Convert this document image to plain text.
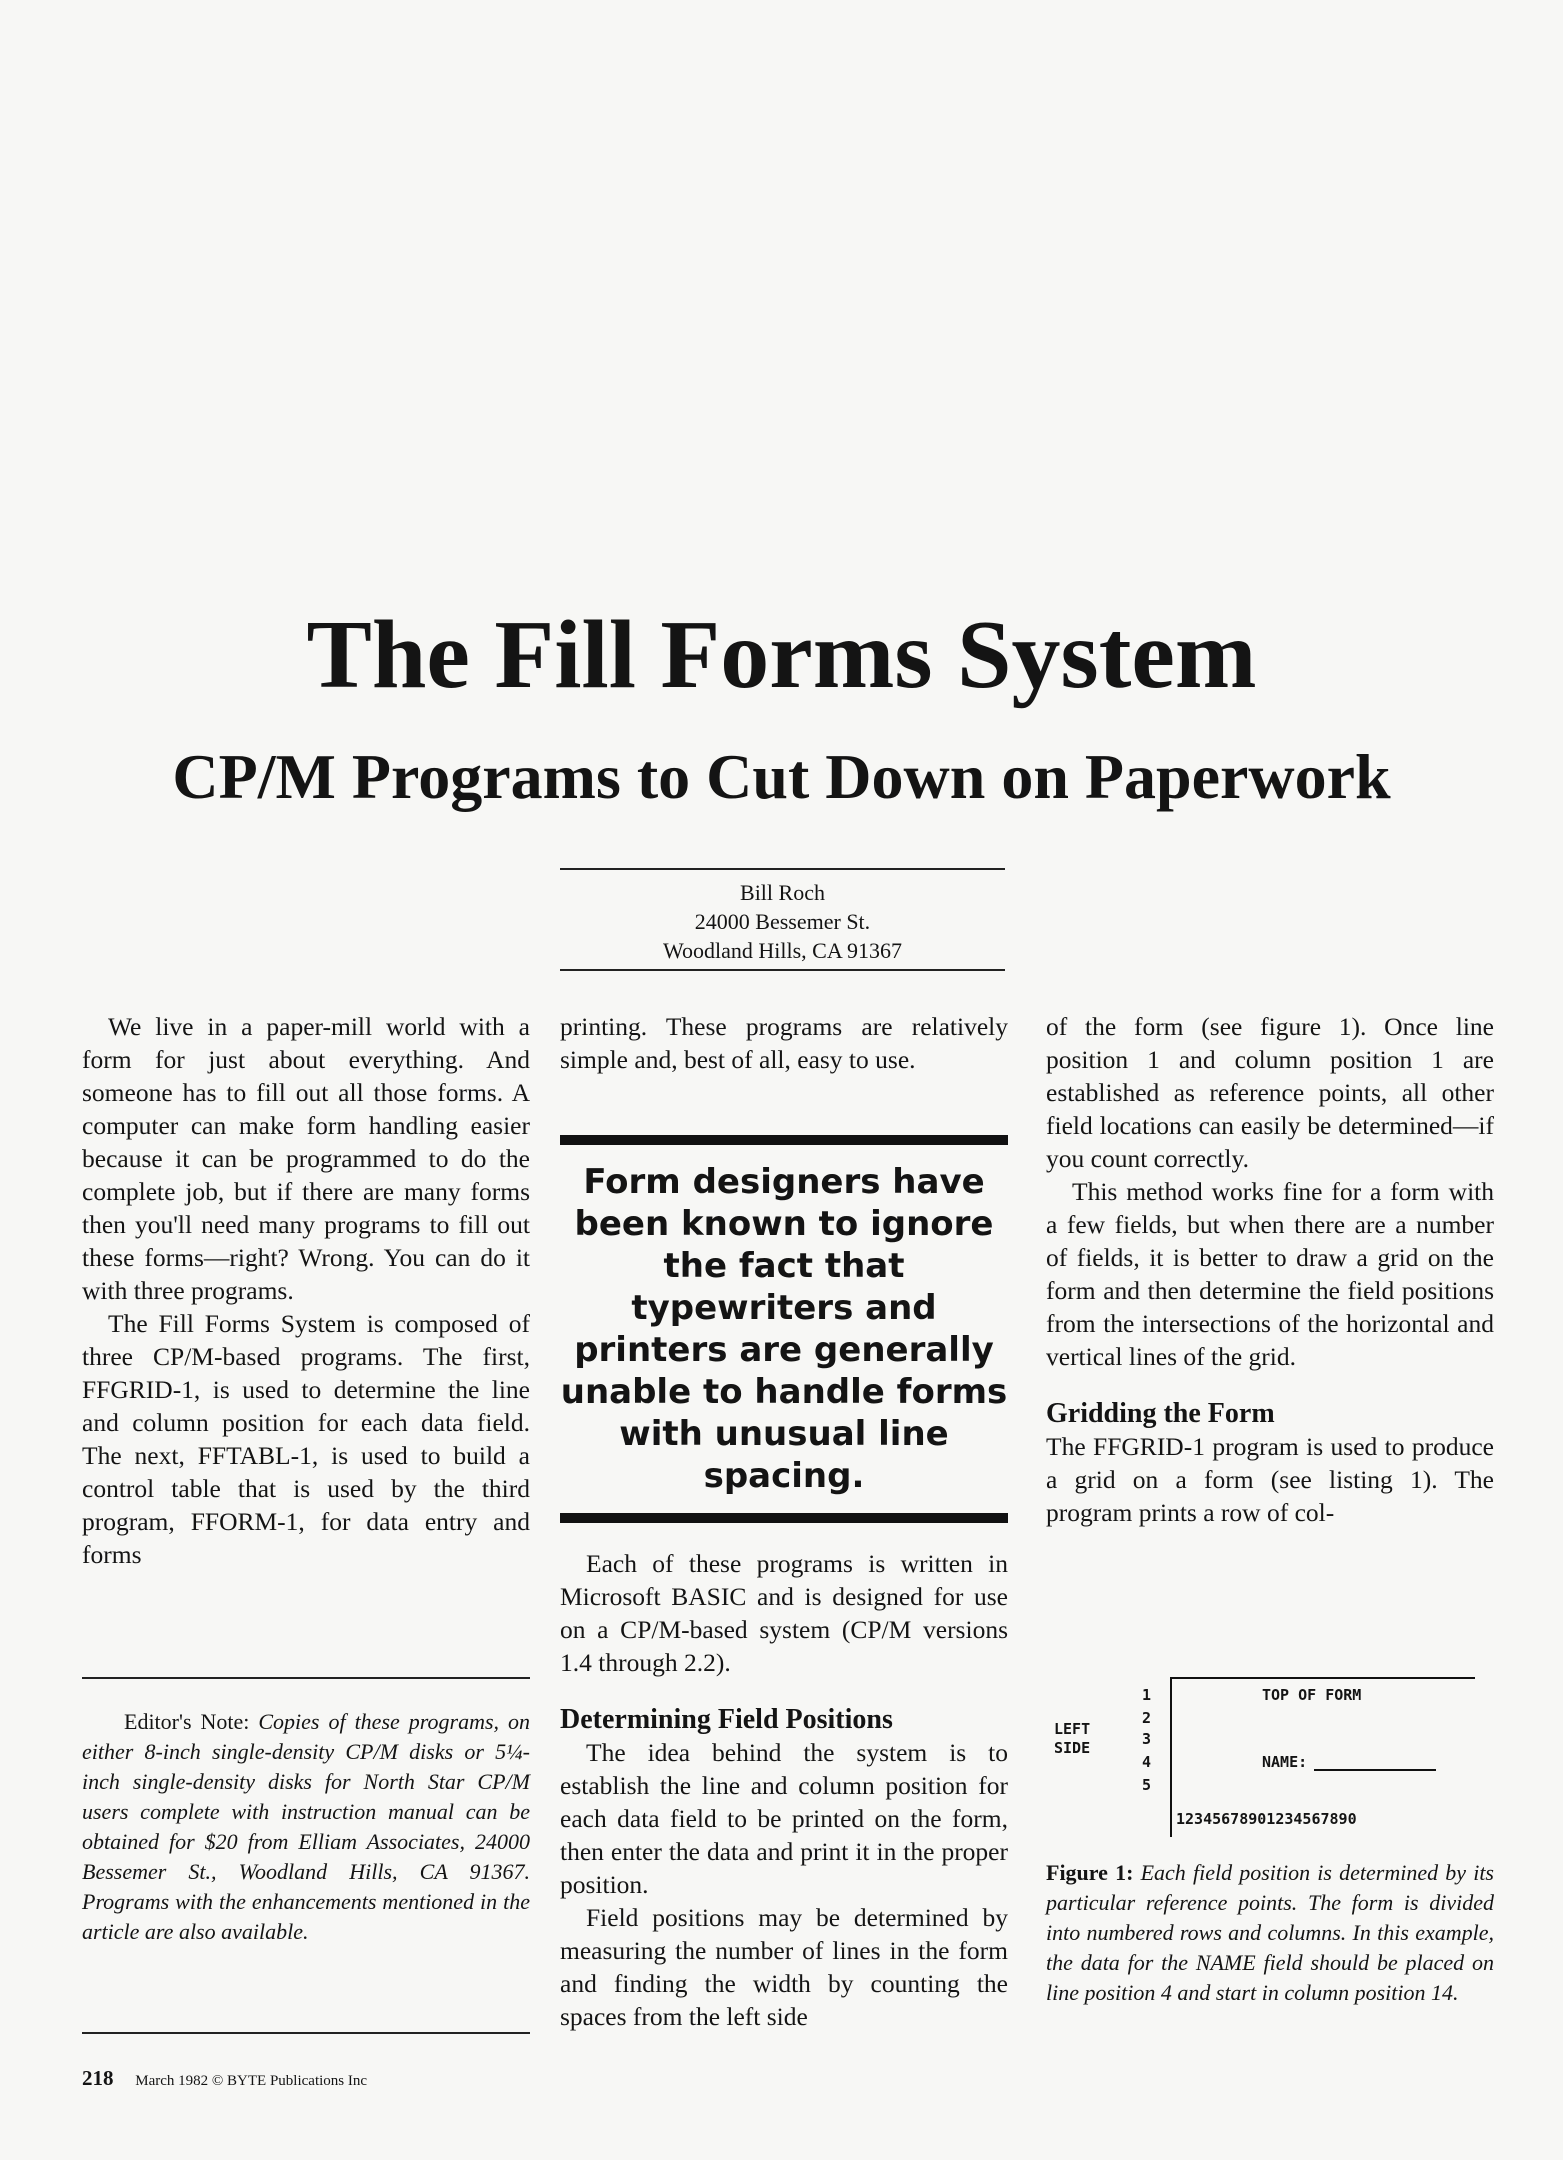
The Fill Forms System
CP/M Programs to Cut Down on Paperwork
Bill Roch
24000 Bessemer St.
Woodland Hills, CA 91367

We live in a paper-mill world with a form for just about everything. And someone has to fill out all those forms. A computer can make form handling easier because it can be programmed to do the complete job, but if there are many forms then you'll need many programs to fill out these forms—right? Wrong. You can do it with three programs.

The Fill Forms System is composed of three CP/M-based programs. The first, FFGRID-1, is used to determine the line and column position for each data field. The next, FFTABL-1, is used to build a control table that is used by the third program, FFORM-1, for data entry and forms

printing. These programs are relatively simple and, best of all, easy to use.

Form designers have been known to ignore the fact that typewriters and printers are generally unable to handle forms with unusual line spacing.

Each of these programs is written in Microsoft BASIC and is designed for use on a CP/M-based system (CP/M versions 1.4 through 2.2).

Determining Field Positions

The idea behind the system is to establish the line and column position for each data field to be printed on the form, then enter the data and print it in the proper position.

Field positions may be determined by measuring the number of lines in the form and finding the width by counting the spaces from the left side

of the form (see figure 1). Once line position 1 and column position 1 are established as reference points, all other field locations can easily be determined—if you count correctly.

This method works fine for a form with a few fields, but when there are a number of fields, it is better to draw a grid on the form and then determine the field positions from the intersections of the horizontal and vertical lines of the grid.

Gridding the Form

The FFGRID-1 program is used to produce a grid on a form (see listing 1). The program prints a row of col-

Editor's Note: Copies of these programs, on either 8-inch single-density CP/M disks or 5¼-inch single-density disks for North Star CP/M users complete with instruction manual can be obtained for $20 from Elliam Associates, 24000 Bessemer St., Woodland Hills, CA 91367. Programs with the enhancements mentioned in the article are also available.

LEFT
SIDE
1
2
3
4
5
TOP OF FORM
NAME:
12345678901234567890
Figure 1: Each field position is determined by its particular reference points. The form is divided into numbered rows and columns. In this example, the data for the NAME field should be placed on line position 4 and start in column position 14.
218 March 1982 © BYTE Publications Inc
